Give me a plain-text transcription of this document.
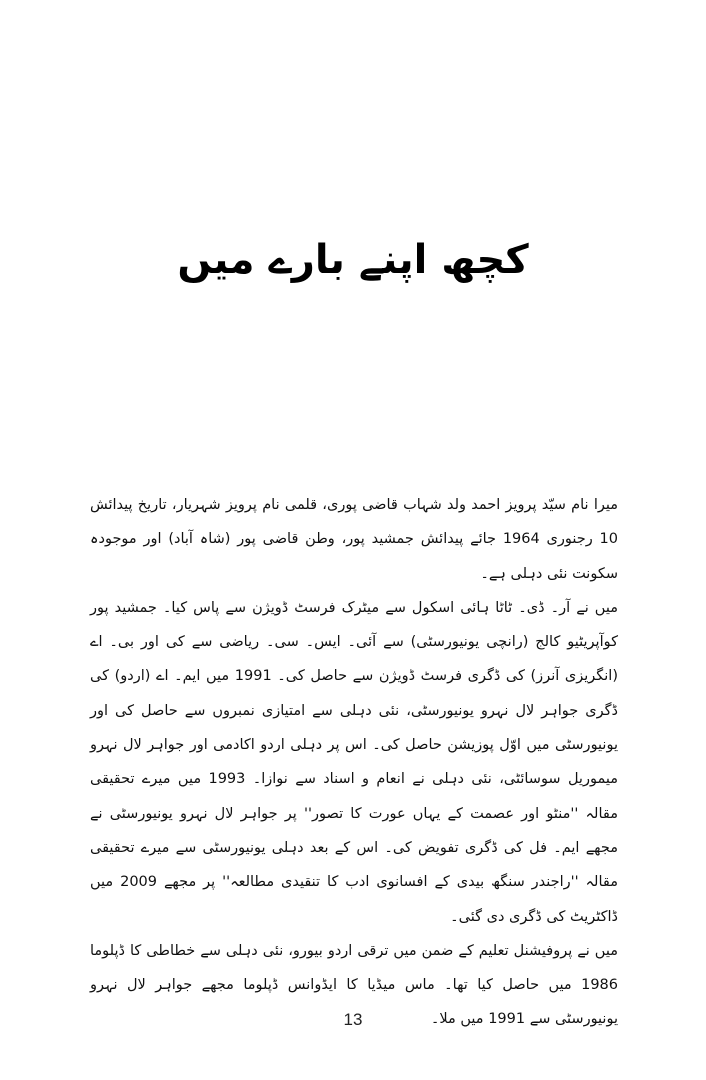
کچھ اپنے بارے میں

میرا نام سیّد پرویز احمد ولد شہاب قاضی پوری، قلمی نام پرویز شہریار، تاریخ پیدائش 10 رجنوری 1964 جائے پیدائش جمشید پور، وطن قاضی پور (شاہ آباد) اور موجودہ سکونت نئی دہلی ہے۔

میں نے آر۔ ڈی۔ ٹاٹا ہائی اسکول سے میٹرک فرسٹ ڈویژن سے پاس کیا۔ جمشید پور کوآپریٹیو کالج (رانچی یونیورسٹی) سے آئی۔ ایس۔ سی۔ ریاضی سے کی اور بی۔ اے (انگریزی آنرز) کی ڈگری فرسٹ ڈویژن سے حاصل کی۔ 1991 میں ایم۔ اے (اردو) کی ڈگری جواہر لال نہرو یونیورسٹی، نئی دہلی سے امتیازی نمبروں سے حاصل کی اور یونیورسٹی میں اوّل پوزیشن حاصل کی۔ اس پر دہلی اردو اکادمی اور جواہر لال نہرو میموریل سوسائٹی، نئی دہلی نے انعام و اسناد سے نوازا۔ 1993 میں میرے تحقیقی مقالہ ''منٹو اور عصمت کے یہاں عورت کا تصور'' پر جواہر لال نہرو یونیورسٹی نے مجھے ایم۔ فل کی ڈگری تفویض کی۔ اس کے بعد دہلی یونیورسٹی سے میرے تحقیقی مقالہ ''راجندر سنگھ بیدی کے افسانوی ادب کا تنقیدی مطالعہ'' پر مجھے 2009 میں ڈاکٹریٹ کی ڈگری دی گئی۔

میں نے پروفیشنل تعلیم کے ضمن میں ترقی اردو بیورو، نئی دہلی سے خطاطی کا ڈپلوما 1986 میں حاصل کیا تھا۔ ماس میڈیا کا ایڈوانس ڈپلوما مجھے جواہر لال نہرو یونیورسٹی سے 1991 میں ملا۔

13
